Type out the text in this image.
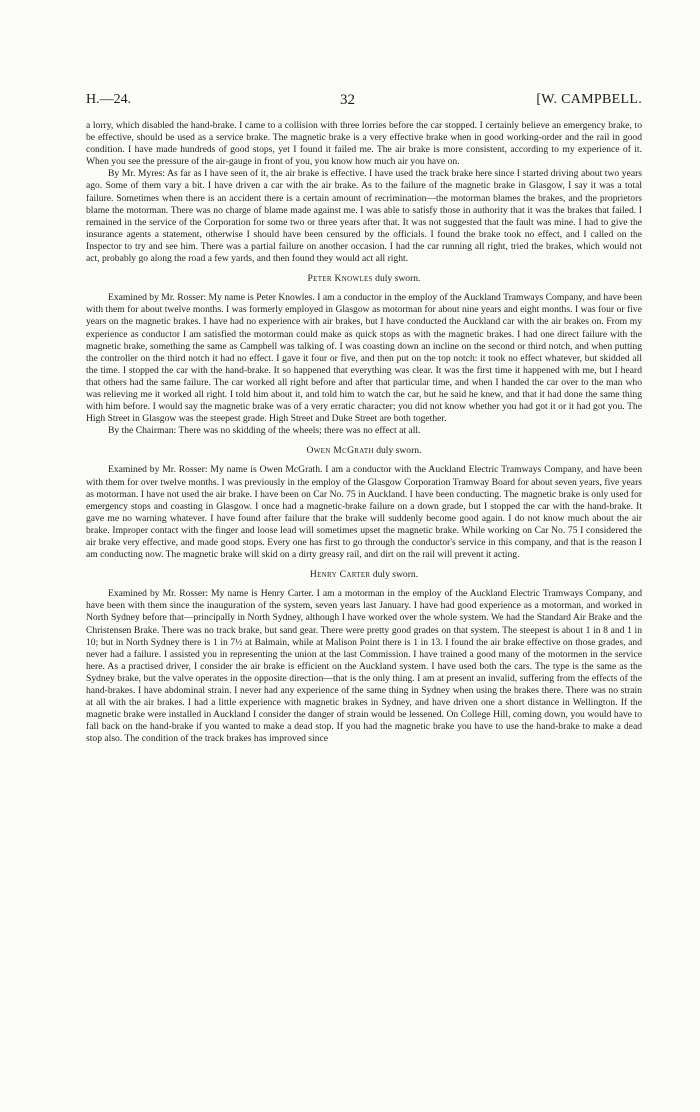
H.—24.	32	[W. CAMPBELL.

a lorry, which disabled the hand-brake. I came to a collision with three lorries before the car stopped. I certainly believe an emergency brake, to be effective, should be used as a service brake. The magnetic brake is a very effective brake when in good working-order and the rail in good condition. I have made hundreds of good stops, yet I found it failed me. The air brake is more consistent, according to my experience of it. When you see the pressure of the air-gauge in front of you, you know how much air you have on.

By Mr. Myres: As far as I have seen of it, the air brake is effective. I have used the track brake here since I started driving about two years ago. Some of them vary a bit. I have driven a car with the air brake. As to the failure of the magnetic brake in Glasgow, I say it was a total failure. Sometimes when there is an accident there is a certain amount of recrimination—the motorman blames the brakes, and the proprietors blame the motorman. There was no charge of blame made against me. I was able to satisfy those in authority that it was the brakes that failed. I remained in the service of the Corporation for some two or three years after that. It was not suggested that the fault was mine. I had to give the insurance agents a statement, otherwise I should have been censured by the officials. I found the brake took no effect, and I called on the Inspector to try and see him. There was a partial failure on another occasion. I had the car running all right, tried the brakes, which would not act, probably go along the road a few yards, and then found they would act all right.

Peter Knowles duly sworn.

Examined by Mr. Rosser: My name is Peter Knowles. I am a conductor in the employ of the Auckland Tramways Company, and have been with them for about twelve months. I was formerly employed in Glasgow as motorman for about nine years and eight months. I was four or five years on the magnetic brakes. I have had no experience with air brakes, but I have conducted the Auckland car with the air brakes on. From my experience as conductor I am satisfied the motorman could make as quick stops as with the magnetic brakes. I had one direct failure with the magnetic brake, something the same as Campbell was talking of. I was coasting down an incline on the second or third notch, and when putting the controller on the third notch it had no effect. I gave it four or five, and then put on the top notch: it took no effect whatever, but skidded all the time. I stopped the car with the hand-brake. It so happened that everything was clear. It was the first time it happened with me, but I heard that others had the same failure. The car worked all right before and after that particular time, and when I handed the car over to the man who was relieving me it worked all right. I told him about it, and told him to watch the car, but he said he knew, and that it had done the same thing with him before. I would say the magnetic brake was of a very erratic character; you did not know whether you had got it or it had got you. The High Street in Glasgow was the steepest grade. High Street and Duke Street are both together.

By the Chairman: There was no skidding of the wheels; there was no effect at all.

Owen McGrath duly sworn.

Examined by Mr. Rosser: My name is Owen McGrath. I am a conductor with the Auckland Electric Tramways Company, and have been with them for over twelve months. I was previously in the employ of the Glasgow Corporation Tramway Board for about seven years, five years as motorman. I have not used the air brake. I have been on Car No. 75 in Auckland. I have been conducting. The magnetic brake is only used for emergency stops and coasting in Glasgow. I once had a magnetic-brake failure on a down grade, but I stopped the car with the hand-brake. It gave me no warning whatever. I have found after failure that the brake will suddenly become good again. I do not know much about the air brake. Improper contact with the finger and loose lead will sometimes upset the magnetic brake. While working on Car No. 75 I considered the air brake very effective, and made good stops. Every one has first to go through the conductor's service in this company, and that is the reason I am conducting now. The magnetic brake will skid on a dirty greasy rail, and dirt on the rail will prevent it acting.

Henry Carter duly sworn.

Examined by Mr. Rosser: My name is Henry Carter. I am a motorman in the employ of the Auckland Electric Tramways Company, and have been with them since the inauguration of the system, seven years last January. I have had good experience as a motorman, and worked in North Sydney before that—principally in North Sydney, although I have worked over the whole system. We had the Standard Air Brake and the Christensen Brake. There was no track brake, but sand gear. There were pretty good grades on that system. The steepest is about 1 in 8 and 1 in 10; but in North Sydney there is 1 in 7½ at Balmain, while at Malison Point there is 1 in 13. I found the air brake effective on those grades, and never had a failure. I assisted you in representing the union at the last Commission. I have trained a good many of the motormen in the service here. As a practised driver, I consider the air brake is efficient on the Auckland system. I have used both the cars. The type is the same as the Sydney brake, but the valve operates in the opposite direction—that is the only thing. I am at present an invalid, suffering from the effects of the hand-brakes. I have abdominal strain. I never had any experience of the same thing in Sydney when using the brakes there. There was no strain at all with the air brakes. I had a little experience with magnetic brakes in Sydney, and have driven one a short distance in Wellington. If the magnetic brake were installed in Auckland I consider the danger of strain would be lessened. On College Hill, coming down, you would have to fall back on the hand-brake if you wanted to make a dead stop. If you had the magnetic brake you have to use the hand-brake to make a dead stop also. The condition of the track brakes has improved since
